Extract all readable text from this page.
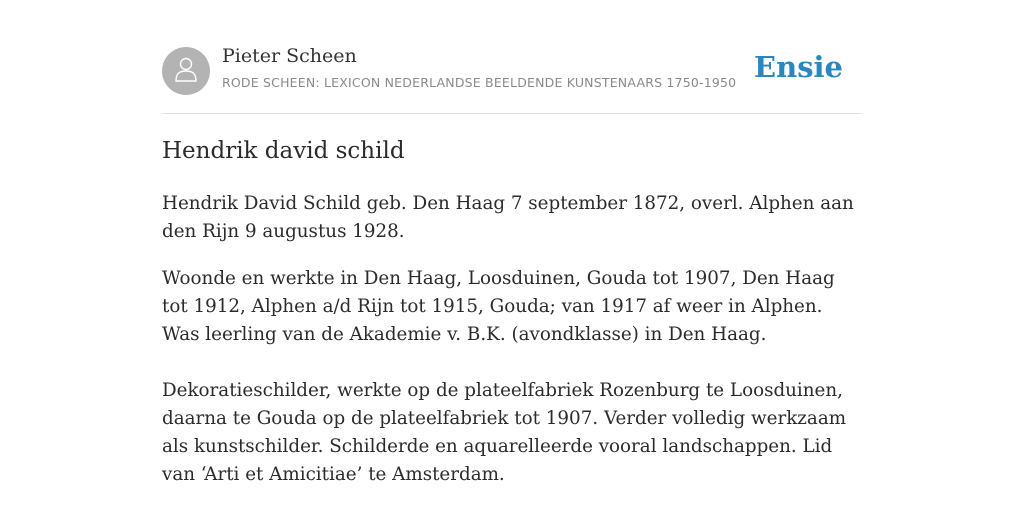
Pieter Scheen
RODE SCHEEN: LEXICON NEDERLANDSE BEELDENDE KUNSTENAARS 1750-1950 Ensie
Hendrik david schild

Hendrik David Schild geb. Den Haag 7 september 1872, overl. Alphen aan den Rijn 9 augustus 1928.

Woonde en werkte in Den Haag, Loosduinen, Gouda tot 1907, Den Haag tot 1912, Alphen a/d Rijn tot 1915, Gouda; van 1917 af weer in Alphen. Was leerling van de Akademie v. B.K. (avondklasse) in Den Haag.

Dekoratieschilder, werkte op de plateelfabriek Rozenburg te Loosduinen, daarna te Gouda op de plateelfabriek tot 1907. Verder volledig werkzaam als kunstschilder. Schilderde en aquarelleerde vooral landschappen. Lid van ‘Arti et Amicitiae’ te Amsterdam.
